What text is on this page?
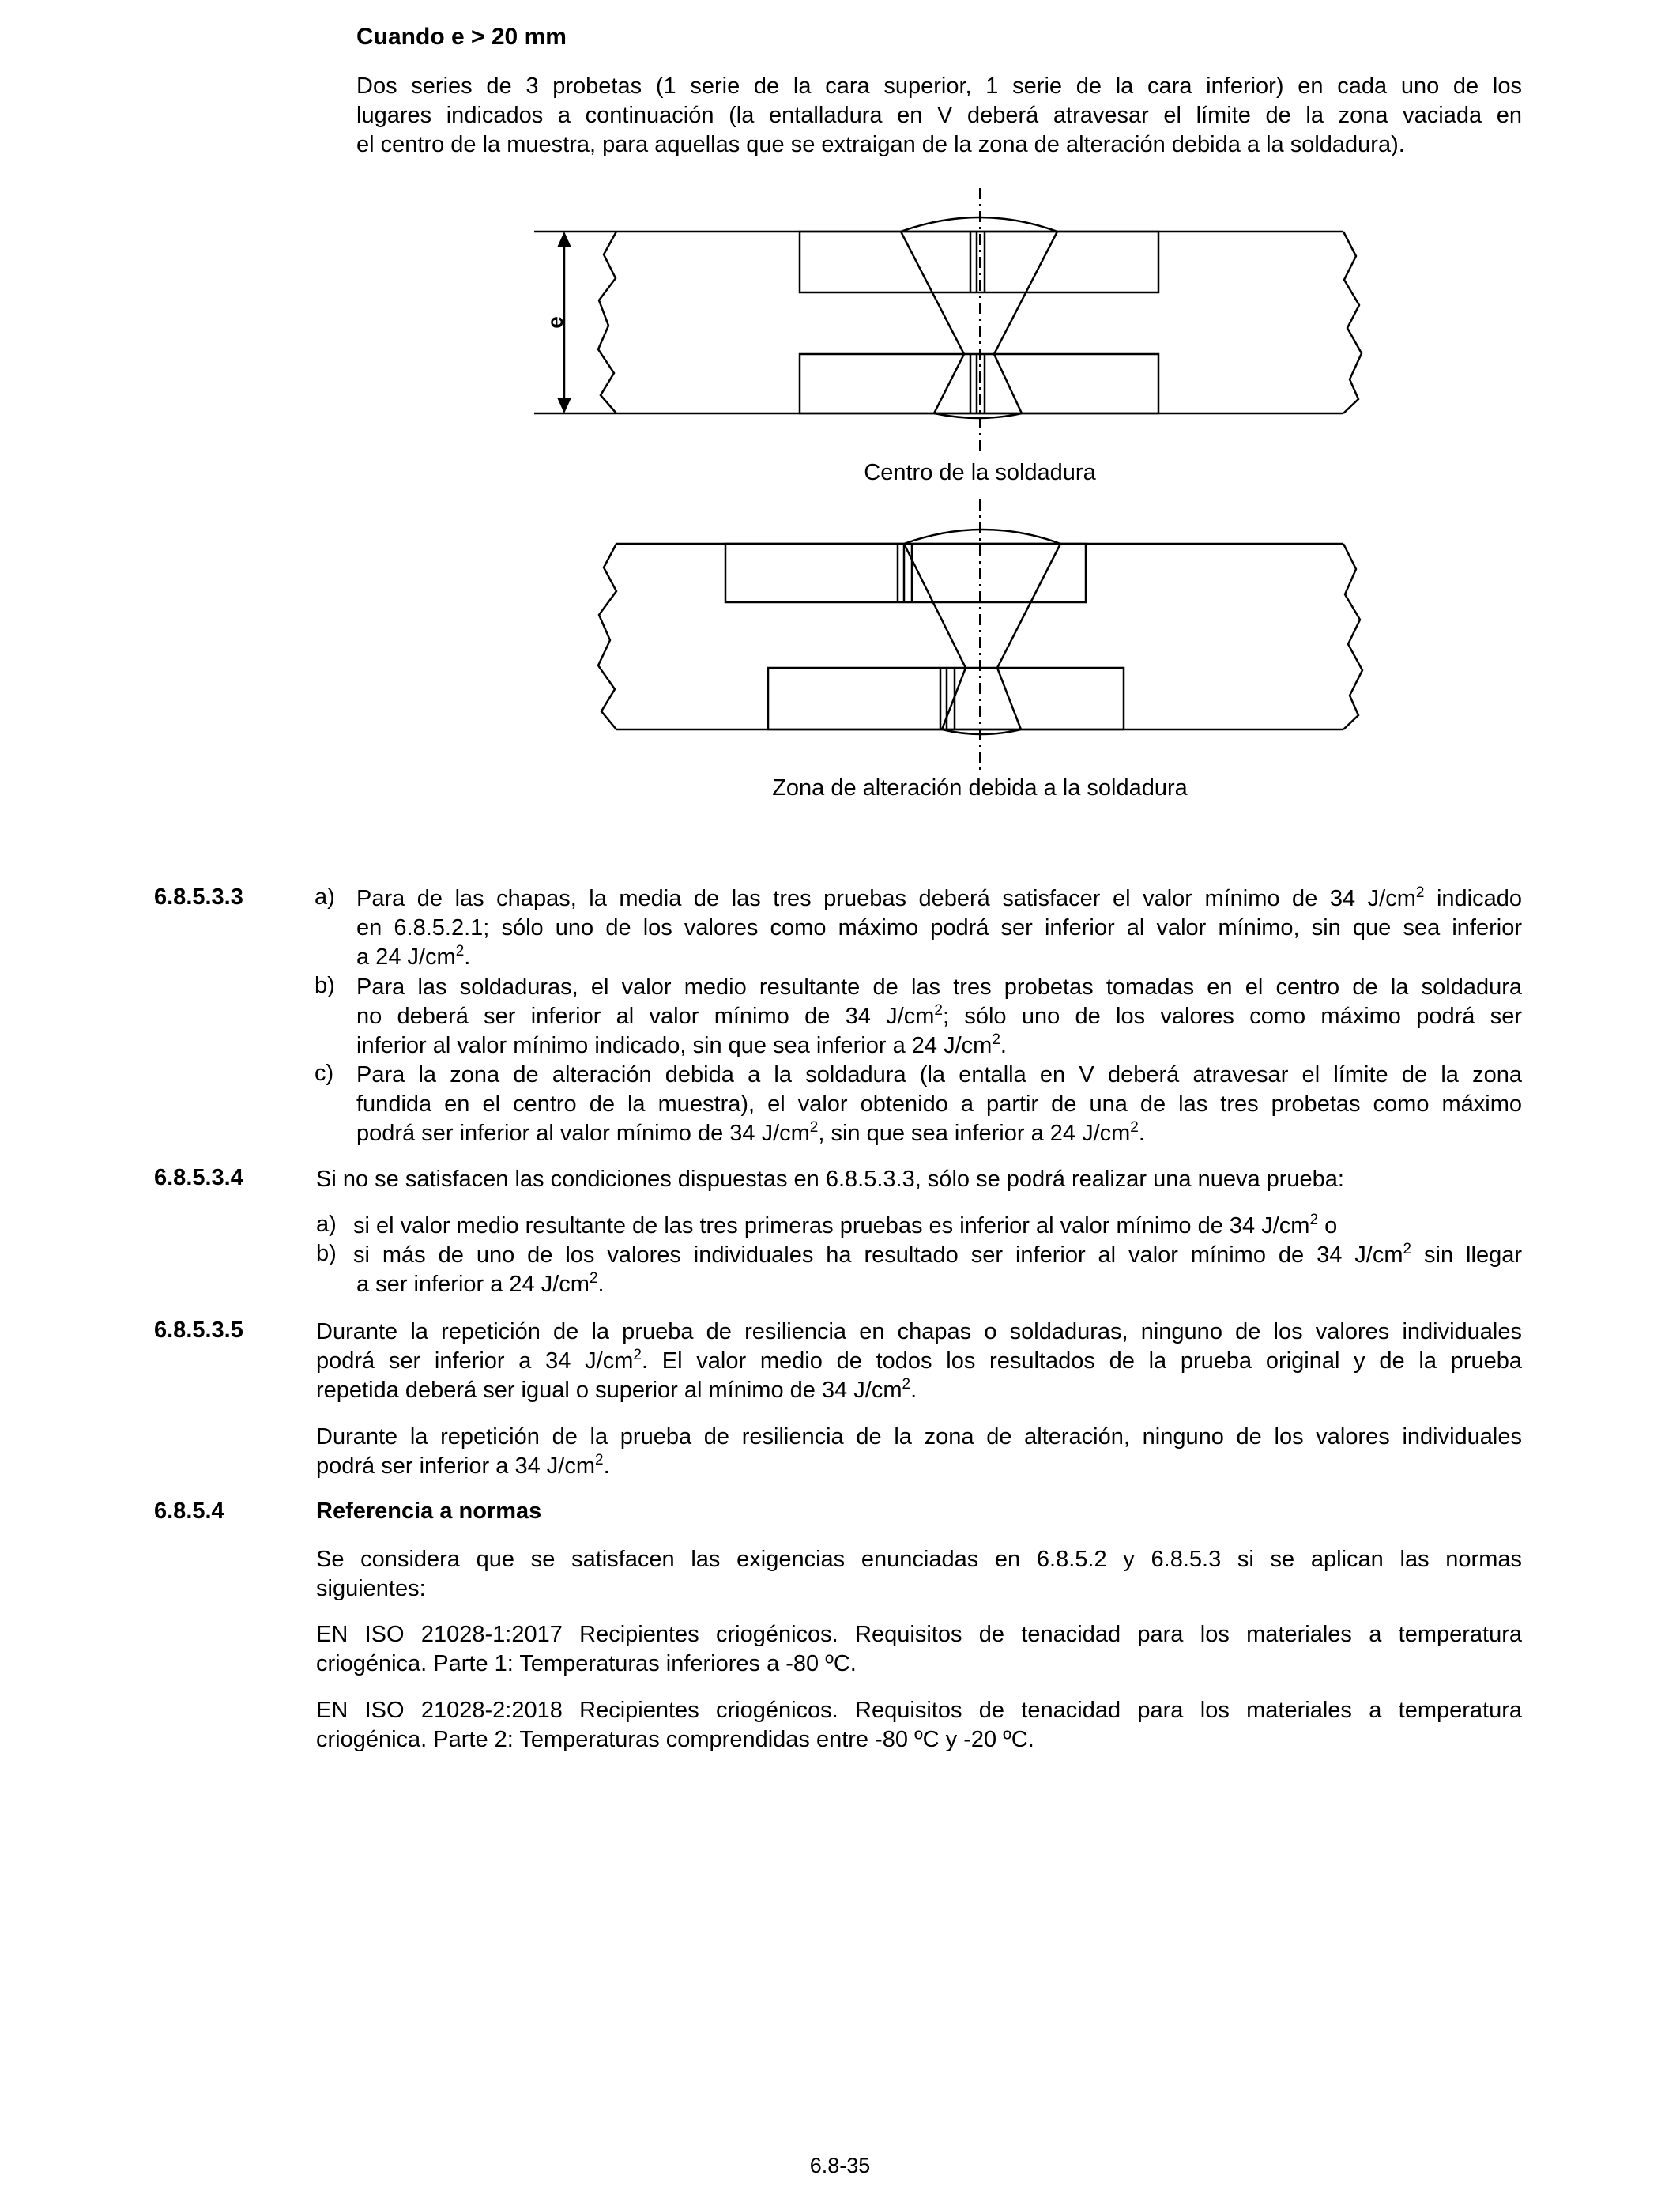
Cuando e > 20 mm
Dos series de 3 probetas (1 serie de la cara superior, 1 serie de la cara inferior) en cada uno de los
lugares indicados a continuación (la entalladura en V deberá atravesar el límite de la zona vaciada en
el centro de la muestra, para aquellas que se extraigan de la zona de alteración debida a la soldadura).
e
Centro de la soldadura
Zona de alteración debida a la soldadura
6.8.5.3.3	a) Para de las chapas, la media de las tres pruebas deberá satisfacer el valor mínimo de 34 $J/cm^2$ indicado
en 6.8.5.2.1; sólo uno de los valores como máximo podrá ser inferior al valor mínimo, sin que sea inferior
a 24 $J/cm^2$.
b) Para las soldaduras, el valor medio resultante de las tres probetas tomadas en el centro de la soldadura
no deberá ser inferior al valor mínimo de 34 $J/cm^2$; sólo uno de los valores como máximo podrá ser
inferior al valor mínimo indicado, sin que sea inferior a 24 $J/cm^2$.
c) Para la zona de alteración debida a la soldadura (la entalla en V deberá atravesar el límite de la zona
fundida en el centro de la muestra), el valor obtenido a partir de una de las tres probetas como máximo
podrá ser inferior al valor mínimo de 34 $J/cm^2$, sin que sea inferior a 24 $J/cm^2$.
6.8.5.3.4	Si no se satisfacen las condiciones dispuestas en 6.8.5.3.3, sólo se podrá realizar una nueva prueba:
a) si el valor medio resultante de las tres primeras pruebas es inferior al valor mínimo de 34 $J/cm^2$ o
b) si más de uno de los valores individuales ha resultado ser inferior al valor mínimo de 34 $J/cm^2$ sin llegar
a ser inferior a 24 $J/cm^2$.
6.8.5.3.5	Durante la repetición de la prueba de resiliencia en chapas o soldaduras, ninguno de los valores individuales
podrá ser inferior a 34 $J/cm^2$. El valor medio de todos los resultados de la prueba original y de la prueba
repetida deberá ser igual o superior al mínimo de 34 $J/cm^2$.
Durante la repetición de la prueba de resiliencia de la zona de alteración, ninguno de los valores individuales
podrá ser inferior a 34 $J/cm^2$.
6.8.5.4	Referencia a normas
Se considera que se satisfacen las exigencias enunciadas en 6.8.5.2 y 6.8.5.3 si se aplican las normas
siguientes:
EN ISO 21028-1:2017 Recipientes criogénicos. Requisitos de tenacidad para los materiales a temperatura
criogénica. Parte 1: Temperaturas inferiores a -80 ºC.
EN ISO 21028-2:2018 Recipientes criogénicos. Requisitos de tenacidad para los materiales a temperatura
criogénica. Parte 2: Temperaturas comprendidas entre -80 ºC y -20 ºC.
6.8-35
